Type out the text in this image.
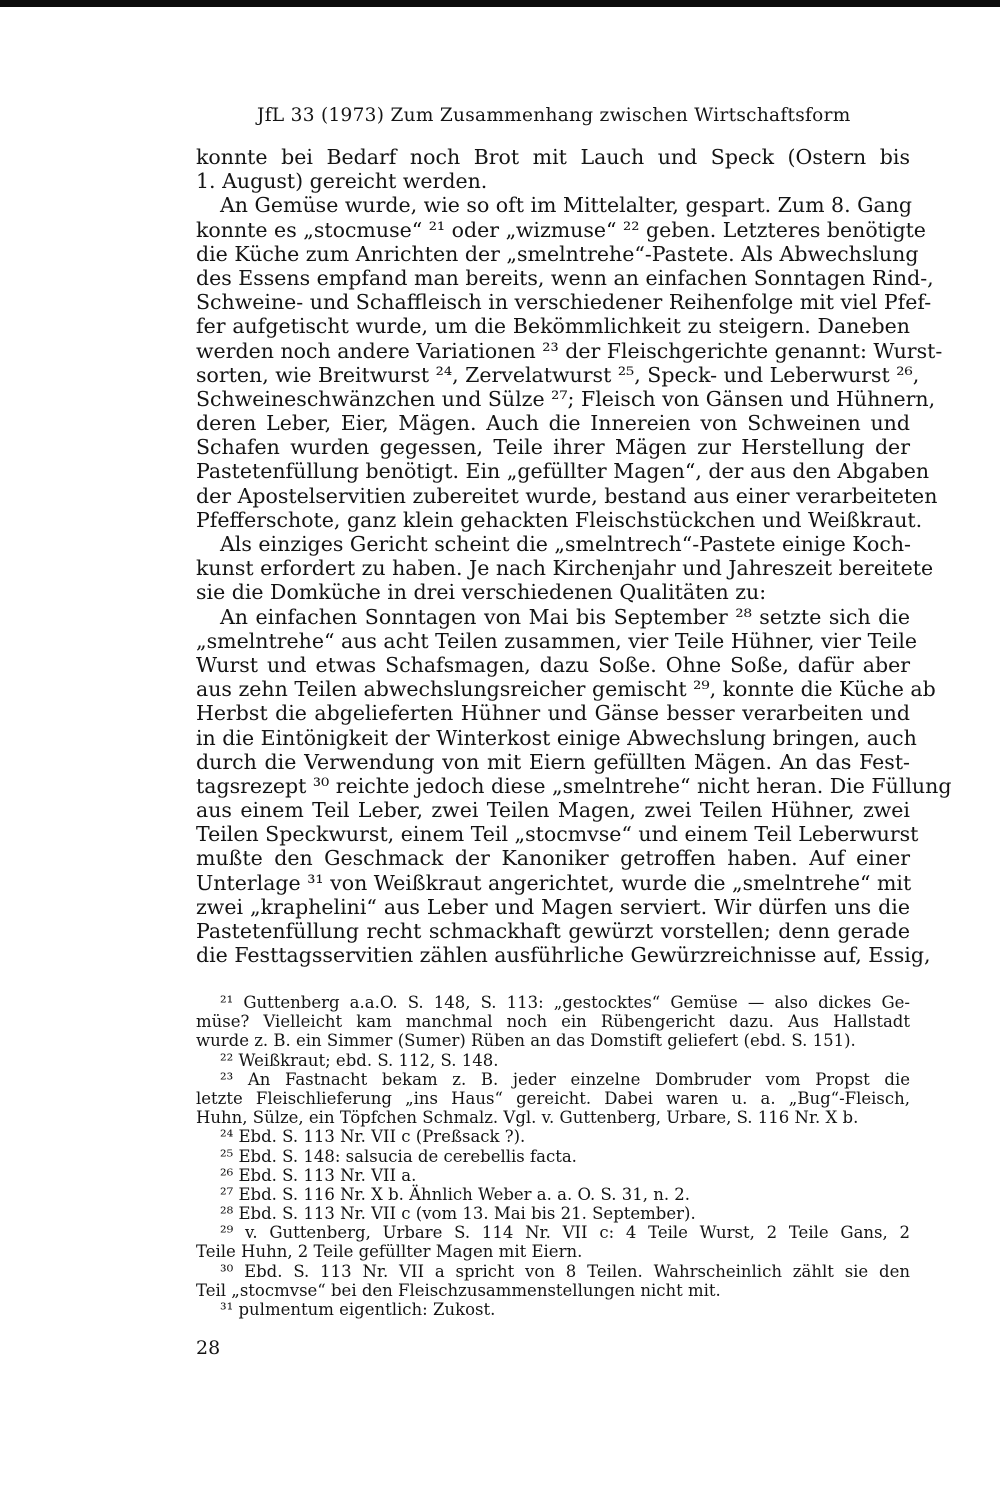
JfL 33 (1973) Zum Zusammenhang zwischen Wirtschaftsform
konnte bei Bedarf noch Brot mit Lauch und Speck (Ostern bis
1. August) gereicht werden.
An Gemüse wurde, wie so oft im Mittelalter, gespart. Zum 8. Gang
konnte es „stocmuse“ ²¹ oder „wizmuse“ ²² geben. Letzteres benötigte
die Küche zum Anrichten der „smelntrehe“-Pastete. Als Abwechslung
des Essens empfand man bereits, wenn an einfachen Sonntagen Rind-,
Schweine- und Schaffleisch in verschiedener Reihenfolge mit viel Pfef-
fer aufgetischt wurde, um die Bekömmlichkeit zu steigern. Daneben
werden noch andere Variationen ²³ der Fleischgerichte genannt: Wurst-
sorten, wie Breitwurst ²⁴, Zervelatwurst ²⁵, Speck- und Leberwurst ²⁶,
Schweineschwänzchen und Sülze ²⁷; Fleisch von Gänsen und Hühnern,
deren Leber, Eier, Mägen. Auch die Innereien von Schweinen und
Schafen wurden gegessen, Teile ihrer Mägen zur Herstellung der
Pastetenfüllung benötigt. Ein „gefüllter Magen“, der aus den Abgaben
der Apostelservitien zubereitet wurde, bestand aus einer verarbeiteten
Pfefferschote, ganz klein gehackten Fleischstückchen und Weißkraut.
Als einziges Gericht scheint die „smelntrech“-Pastete einige Koch-
kunst erfordert zu haben. Je nach Kirchenjahr und Jahreszeit bereitete
sie die Domküche in drei verschiedenen Qualitäten zu:
An einfachen Sonntagen von Mai bis September ²⁸ setzte sich die
„smelntrehe“ aus acht Teilen zusammen, vier Teile Hühner, vier Teile
Wurst und etwas Schafsmagen, dazu Soße. Ohne Soße, dafür aber
aus zehn Teilen abwechslungsreicher gemischt ²⁹, konnte die Küche ab
Herbst die abgelieferten Hühner und Gänse besser verarbeiten und
in die Eintönigkeit der Winterkost einige Abwechslung bringen, auch
durch die Verwendung von mit Eiern gefüllten Mägen. An das Fest-
tagsrezept ³⁰ reichte jedoch diese „smelntrehe“ nicht heran. Die Füllung
aus einem Teil Leber, zwei Teilen Magen, zwei Teilen Hühner, zwei
Teilen Speckwurst, einem Teil „stocmvse“ und einem Teil Leberwurst
mußte den Geschmack der Kanoniker getroffen haben. Auf einer
Unterlage ³¹ von Weißkraut angerichtet, wurde die „smelntrehe“ mit
zwei „kraphelini“ aus Leber und Magen serviert. Wir dürfen uns die
Pastetenfüllung recht schmackhaft gewürzt vorstellen; denn gerade
die Festtagsservitien zählen ausführliche Gewürzreichnisse auf, Essig,
²¹ Guttenberg a.a.O. S. 148, S. 113: „gestocktes“ Gemüse — also dickes Ge-
müse? Vielleicht kam manchmal noch ein Rübengericht dazu. Aus Hallstadt
wurde z. B. ein Simmer (Sumer) Rüben an das Domstift geliefert (ebd. S. 151).
²² Weißkraut; ebd. S. 112, S. 148.
²³ An Fastnacht bekam z. B. jeder einzelne Dombruder vom Propst die
letzte Fleischlieferung „ins Haus“ gereicht. Dabei waren u. a. „Bug“-Fleisch,
Huhn, Sülze, ein Töpfchen Schmalz. Vgl. v. Guttenberg, Urbare, S. 116 Nr. X b.
²⁴ Ebd. S. 113 Nr. VII c (Preßsack ?).
²⁵ Ebd. S. 148: salsucia de cerebellis facta.
²⁶ Ebd. S. 113 Nr. VII a.
²⁷ Ebd. S. 116 Nr. X b. Ähnlich Weber a. a. O. S. 31, n. 2.
²⁸ Ebd. S. 113 Nr. VII c (vom 13. Mai bis 21. September).
²⁹ v. Guttenberg, Urbare S. 114 Nr. VII c: 4 Teile Wurst, 2 Teile Gans, 2
Teile Huhn, 2 Teile gefüllter Magen mit Eiern.
³⁰ Ebd. S. 113 Nr. VII a spricht von 8 Teilen. Wahrscheinlich zählt sie den
Teil „stocmvse“ bei den Fleischzusammenstellungen nicht mit.
³¹ pulmentum eigentlich: Zukost.
28
